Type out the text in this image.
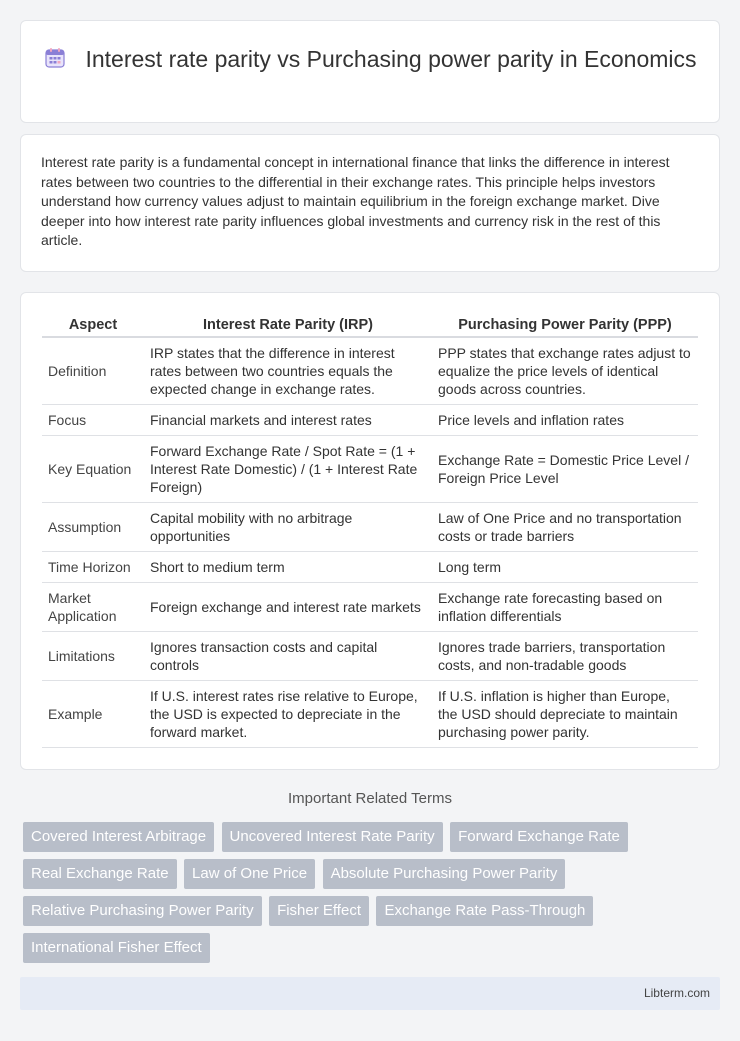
Interest rate parity vs Purchasing power parity in Economics

Interest rate parity is a fundamental concept in international finance that links the difference in interest rates between two countries to the differential in their exchange rates. This principle helps investors understand how currency values adjust to maintain equilibrium in the foreign exchange market. Dive deeper into how interest rate parity influences global investments and currency risk in the rest of this article.

Aspect	Interest Rate Parity (IRP)	Purchasing Power Parity (PPP)
Definition	IRP states that the difference in interest rates between two countries equals the expected change in exchange rates.	PPP states that exchange rates adjust to equalize the price levels of identical goods across countries.
Focus	Financial markets and interest rates	Price levels and inflation rates
Key Equation	Forward Exchange Rate / Spot Rate = (1 + Interest Rate Domestic) / (1 + Interest Rate Foreign)	Exchange Rate = Domestic Price Level / Foreign Price Level
Assumption	Capital mobility with no arbitrage opportunities	Law of One Price and no transportation costs or trade barriers
Time Horizon	Short to medium term	Long term
Market Application	Foreign exchange and interest rate markets	Exchange rate forecasting based on inflation differentials
Limitations	Ignores transaction costs and capital controls	Ignores trade barriers, transportation costs, and non-tradable goods
Example	If U.S. interest rates rise relative to Europe, the USD is expected to depreciate in the forward market.	If U.S. inflation is higher than Europe, the USD should depreciate to maintain purchasing power parity.
Important Related Terms
Covered Interest Arbitrage Uncovered Interest Rate Parity Forward Exchange Rate Real Exchange Rate Law of One Price Absolute Purchasing Power Parity Relative Purchasing Power Parity Fisher Effect Exchange Rate Pass-Through International Fisher Effect
Libterm.com
